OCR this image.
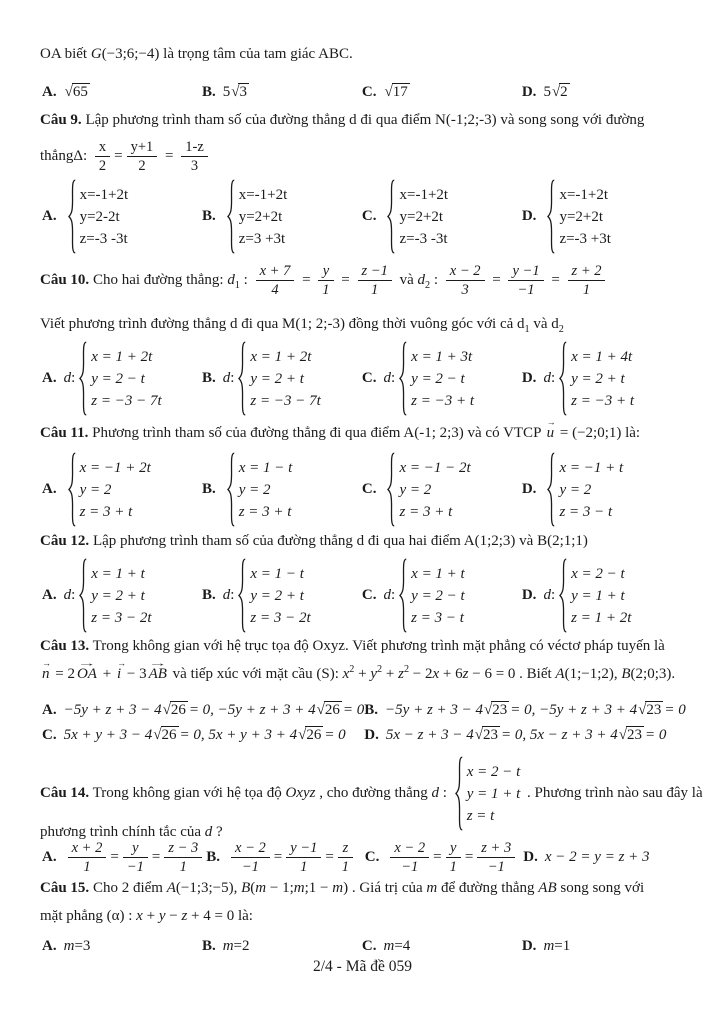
2/4 - Mã đề 059
OA biết G(−3;6;−4) là trọng tâm của tam giác ABC.
A. √ 65	B. 5 √ 3	C. √ 17	D. 5 √ 2
Câu 9. Lập phương trình tham số của đường thẳng d đi qua điểm N(-1;2;-3) và song song với đường
thẳngΔ: $\frac{x}{2} = \frac{y+1}{2} = \frac{1-z}{3}$
A.
x=-1+2t
y=2-2t
z=-3 -3t
B.
x=-1+2t
y=2+2t
z=3 +3t
C.
x=-1+2t
y=2+2t
z=-3 -3t
D.
x=-1+2t
y=2+2t
z=-3 +3t
Câu 10. Cho hai đường thẳng: $d_1$ : $\frac{x + 7}{4} = \frac{y}{1} = \frac{z -1}{1}$ và $d_2$ : $\frac{x - 2}{3} = \frac{y -1}{-1} = \frac{z + 2}{1}$
Viết phương trình đường thẳng d đi qua M(1; 2;-3) đồng thời vuông góc với cả $d_1$ và $d_2$
A. d :
x = 1 + 2t
y = 2 − t
z = −3 − 7t
B. d :
x = 1 + 2t
y = 2 + t
z = −3 − 7t
C. d :
x = 1 + 3t
y = 2 − t
z = −3 + t
D. d :
x = 1 + 4t
y = 2 + t
z = −3 + t
Câu 11. Phương trình tham số của đường thẳng đi qua điểm A(-1; 2;3) và có VTCP
→
u = (−2;0;1) là:
A.
x = −1 + 2t
y = 2
z = 3 + t
B.
x = 1 − t
y = 2
z = 3 + t
C.
x = −1 − 2t
y = 2
z = 3 + t
D.
x = −1 + t
y = 2
z = 3 − t
Câu 12. Lập phương trình tham số của đường thẳng d đi qua hai điểm A(1;2;3) và B(2;1;1)
A. d :
x = 1 + t
y = 2 + t
z = 3 − 2t
B. d :
x = 1 − t
y = 2 + t
z = 3 − 2t
C. d :
x = 1 + t
y = 2 − t
z = 3 − t
D. d :
x = 2 − t
y = 1 + t
z = 1 + 2t
Câu 13. Trong không gian với hệ trục tọa độ Oxyz. Viết phương trình mặt phẳng có véctơ pháp tuyến là
→
n = 2
→
OA +
→
i − 3
→
AB và tiếp xúc với mặt cầu (S): $x^2 + y^2 + z^2 - 2x + 6z - 6 = 0$ . Biết A(1;−1;2), B(2;0;3).
A. −5y + z + 3 − 4 √ 26 = 0, −5y + z + 3 + 4 √ 26 = 0 B. −5y + z + 3 − 4 √ 23 = 0, −5y + z + 3 + 4 √ 23 = 0
C. 5x + y + 3 − 4 √ 26 = 0, 5x + y + 3 + 4 √ 26 = 0 D. 5x − z + 3 − 4 √ 23 = 0, 5x − z + 3 + 4 √ 23 = 0
Câu 14. Trong không gian với hệ tọa độ Oxyz , cho đường thẳng d :
x = 2 − t
y = 1 + t
z = t
. Phương trình nào sau đây là
phương trình chính tắc của d ?
A. $\frac{x + 2}{1} = \frac{y}{-1} = \frac{z - 3}{1} B$. $\frac{x - 2}{-1} = \frac{y -1}{1} = \frac{z}{1} C$. $\frac{x - 2}{-1} = \frac{y}{1} = \frac{z + 3}{-1} D$. x − 2 = y = z + 3
Câu 15. Cho 2 điểm A(−1;3;−5), B(m − 1;m;1 − m) . Giá trị của m để đường thẳng AB song song với
mặt phẳng (α) : x + y − z + 4 = 0 là:
A. m =3	B. m =2	C. m =4	D. m =1
